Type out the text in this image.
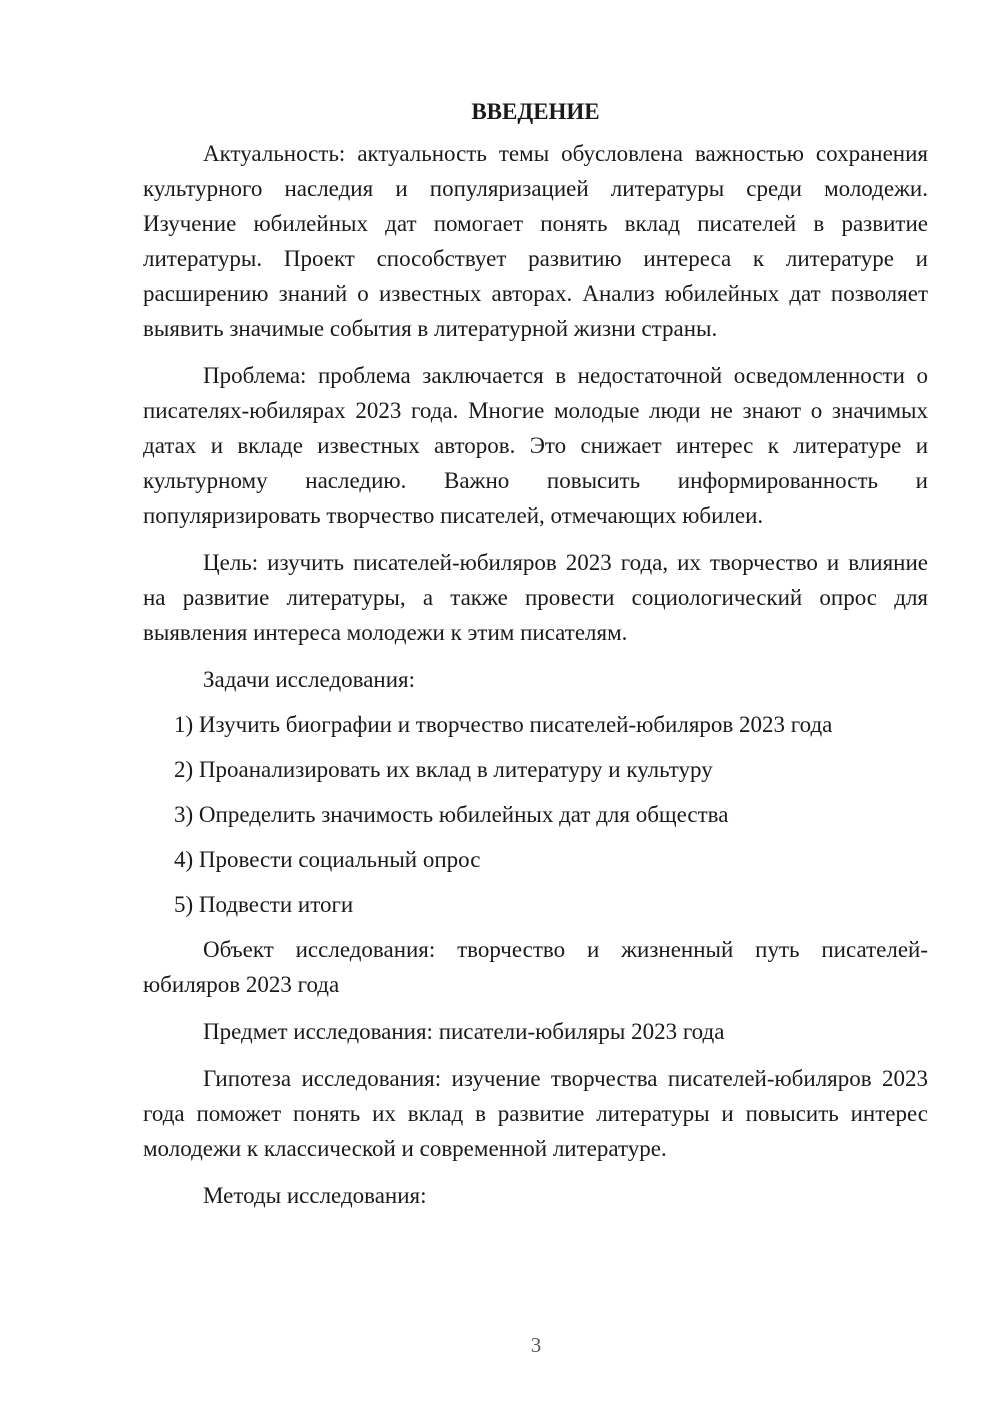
ВВЕДЕНИЕ

Актуальность: актуальность темы обусловлена важностью сохранения культурного наследия и популяризацией литературы среди молодежи. Изучение юбилейных дат помогает понять вклад писателей в развитие литературы. Проект способствует развитию интереса к литературе и расширению знаний о известных авторах. Анализ юбилейных дат позволяет выявить значимые события в литературной жизни страны.

Проблема: проблема заключается в недостаточной осведомленности о писателях-юбилярах 2023 года. Многие молодые люди не знают о значимых датах и вкладе известных авторов. Это снижает интерес к литературе и культурному наследию. Важно повысить информированность и популяризировать творчество писателей, отмечающих юбилеи.

Цель: изучить писателей-юбиляров 2023 года, их творчество и влияние на развитие литературы, а также провести социологический опрос для выявления интереса молодежи к этим писателям.

Задачи исследования:

1) Изучить биографии и творчество писателей-юбиляров 2023 года
2) Проанализировать их вклад в литературу и культуру
3) Определить значимость юбилейных дат для общества
4) Провести социальный опрос
5) Подвести итоги

Объект исследования: творчество и жизненный путь писателей-юбиляров 2023 года

Предмет исследования: писатели-юбиляры 2023 года

Гипотеза исследования: изучение творчества писателей-юбиляров 2023 года поможет понять их вклад в развитие литературы и повысить интерес молодежи к классической и современной литературе.

Методы исследования:

3
